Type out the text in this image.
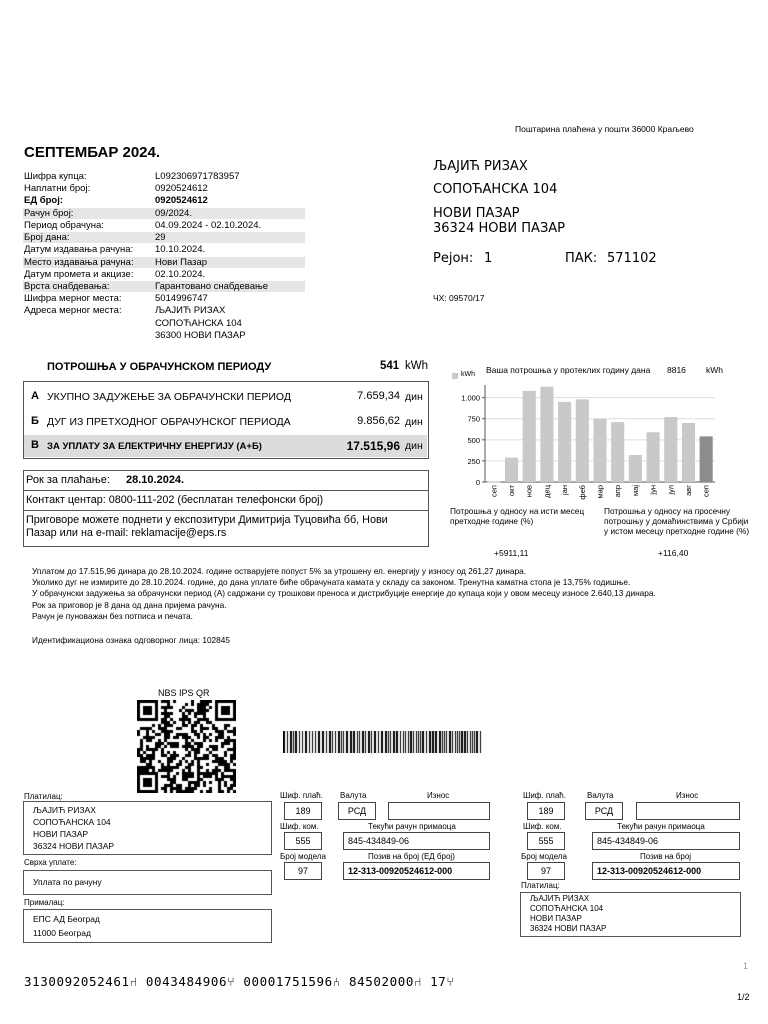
Поштарина плаћена у пошти 36000 Краљево
СЕПТЕМБАР 2024.
Шифра купца:	L092306971783957
Наплатни број:	0920524612
ЕД број:	0920524612
Рачун број:	09/2024.
Период обрачуна:	04.09.2024 - 02.10.2024.
Број дана:	29
Датум издавања рачуна: 10.10.2024.
Место издавања рачуна: Нови Пазар
Датум промета и акцизе: 02.10.2024.
Врста снабдевања:	Гарантовано снабдевање
Шифра мерног места:	5014996747
Адреса мерног места:	ЉАЈИЋ РИЗАХ
СОПОЋАНСКА 104
36300 НОВИ ПАЗАР
ЉАЈИЋ РИЗАХ
СОПОЋАНСКА 104
НОВИ ПАЗАР
36324 НОВИ ПАЗАР
Рејон: 1	ПАК: 571102
ЧХ: 09570/17
ПОТРОШЊА У ОБРАЧУНСКОМ ПЕРИОДУ	541 kWh
А УКУПНО ЗАДУЖЕЊЕ ЗА ОБРАЧУНСКИ ПЕРИОД	7.659,34 дин
Б ДУГ ИЗ ПРЕТХОДНОГ ОБРАЧУНСКОГ ПЕРИОДА	9.856,62 дин
В ЗА УПЛАТУ ЗА ЕЛЕКТРИЧНУ ЕНЕРГИЈУ (А+Б)	17.515,96 дин
Рок за плаћање: 28.10.2024.
Контакт центар: 0800-111-202 (бесплатан телефонски број)
Приговоре можете поднети у експозитури Димитрија Туцовића бб, Нови
Пазар или на e-mail: reklamacije@eps.rs
Ваша потрошња у протеклих годину дана 8816 kWh
kWh
0
250
500
750
1.000
сеп окт нов дец јан феб мар апр мај јун јул авг сеп
Потрошња у односу на исти месец претходне године (%)
Потрошња у односу на просечну потрошњу у домаћинствима у Србији у истом месецу претходне године (%)
+5911,11	+116,40
Уплатом до 17.515,96 динара до 28.10.2024. године остварујете попуст 5% за утрошену ел. енергију у износу од 261,27 динара.
Уколико дуг не измирите до 28.10.2024. године, до дана уплате биће обрачуната камата у складу са законом. Тренутна каматна стопа је 13,75% годишње.
У обрачунски задужења за обрачунски период (А) садржани су трошкови преноса и дистрибуције енергије до купаца који у овом месецу износе 2.640,13 динара.
Рок за приговор је 8 дана од дана пријема рачуна.
Рачун је пуноважан без потписа и печата.
Идентификациона ознака одговорног лица: 102845
NBS IPS QR
Платилац:
ЉАЈИЋ РИЗАХ
СОПОЋАНСКА 104
НОВИ ПАЗАР
36324 НОВИ ПАЗАР
Сврха уплате:
Уплата по рачуну
Прималац:
ЕПС АД Београд
11000 Београд
Шиф. плаћ. Валута	Износ
189	РСД
Шиф. ком.	Текући рачун примаоца
555	845-434849-06
Број модела	Позив на број (ЕД број)
97	12-313-00920524612-000
Шиф. плаћ.	Валута	Износ
189	РСД
Шиф. ком.	Текући рачун примаоца
555	845-434849-06
Број модела	Позив на број
97	12-313-00920524612-000
Платилац:
ЉАЈИЋ РИЗАХ
СОПОЋАНСКА 104
НОВИ ПАЗАР
36324 НОВИ ПАЗАР
3130092052461⑁ 0043484906⑂ 00001751596⑃ 84502000⑁ 17⑂
1
1/2
